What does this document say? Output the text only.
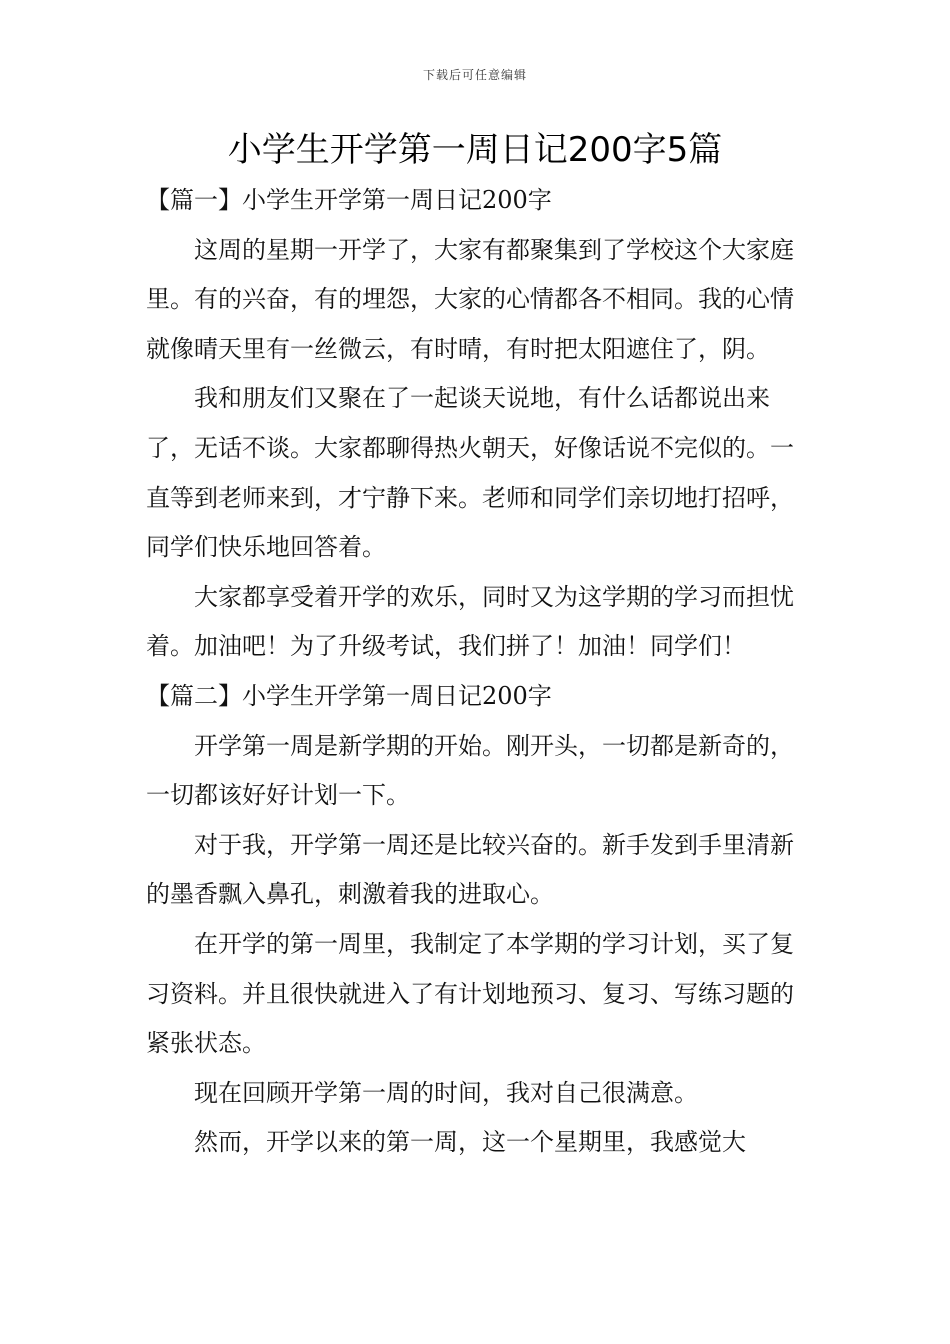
下载后可任意编辑
小学生开学第一周日记200字5篇

【篇一】小学生开学第一周日记200字

这周的星期一开学了，大家有都聚集到了学校这个大家庭里。有的兴奋，有的埋怨，大家的心情都各不相同。我的心情就像晴天里有一丝微云，有时晴，有时把太阳遮住了，阴。

我和朋友们又聚在了一起谈天说地，有什么话都说出来了，无话不谈。大家都聊得热火朝天，好像话说不完似的。一直等到老师来到，才宁静下来。老师和同学们亲切地打招呼，同学们快乐地回答着。

大家都享受着开学的欢乐，同时又为这学期的学习而担忧着。加油吧！为了升级考试，我们拼了！加油！同学们！【篇二】小学生开学第一周日记200字

开学第一周是新学期的开始。刚开头，一切都是新奇的，一切都该好好计划一下。

对于我，开学第一周还是比较兴奋的。新手发到手里清新的墨香飘入鼻孔，刺激着我的进取心。

在开学的第一周里，我制定了本学期的学习计划，买了复习资料。并且很快就进入了有计划地预习、复习、写练习题的紧张状态。

现在回顾开学第一周的时间，我对自己很满意。

然而，开学以来的第一周，这一个星期里，我感觉大
